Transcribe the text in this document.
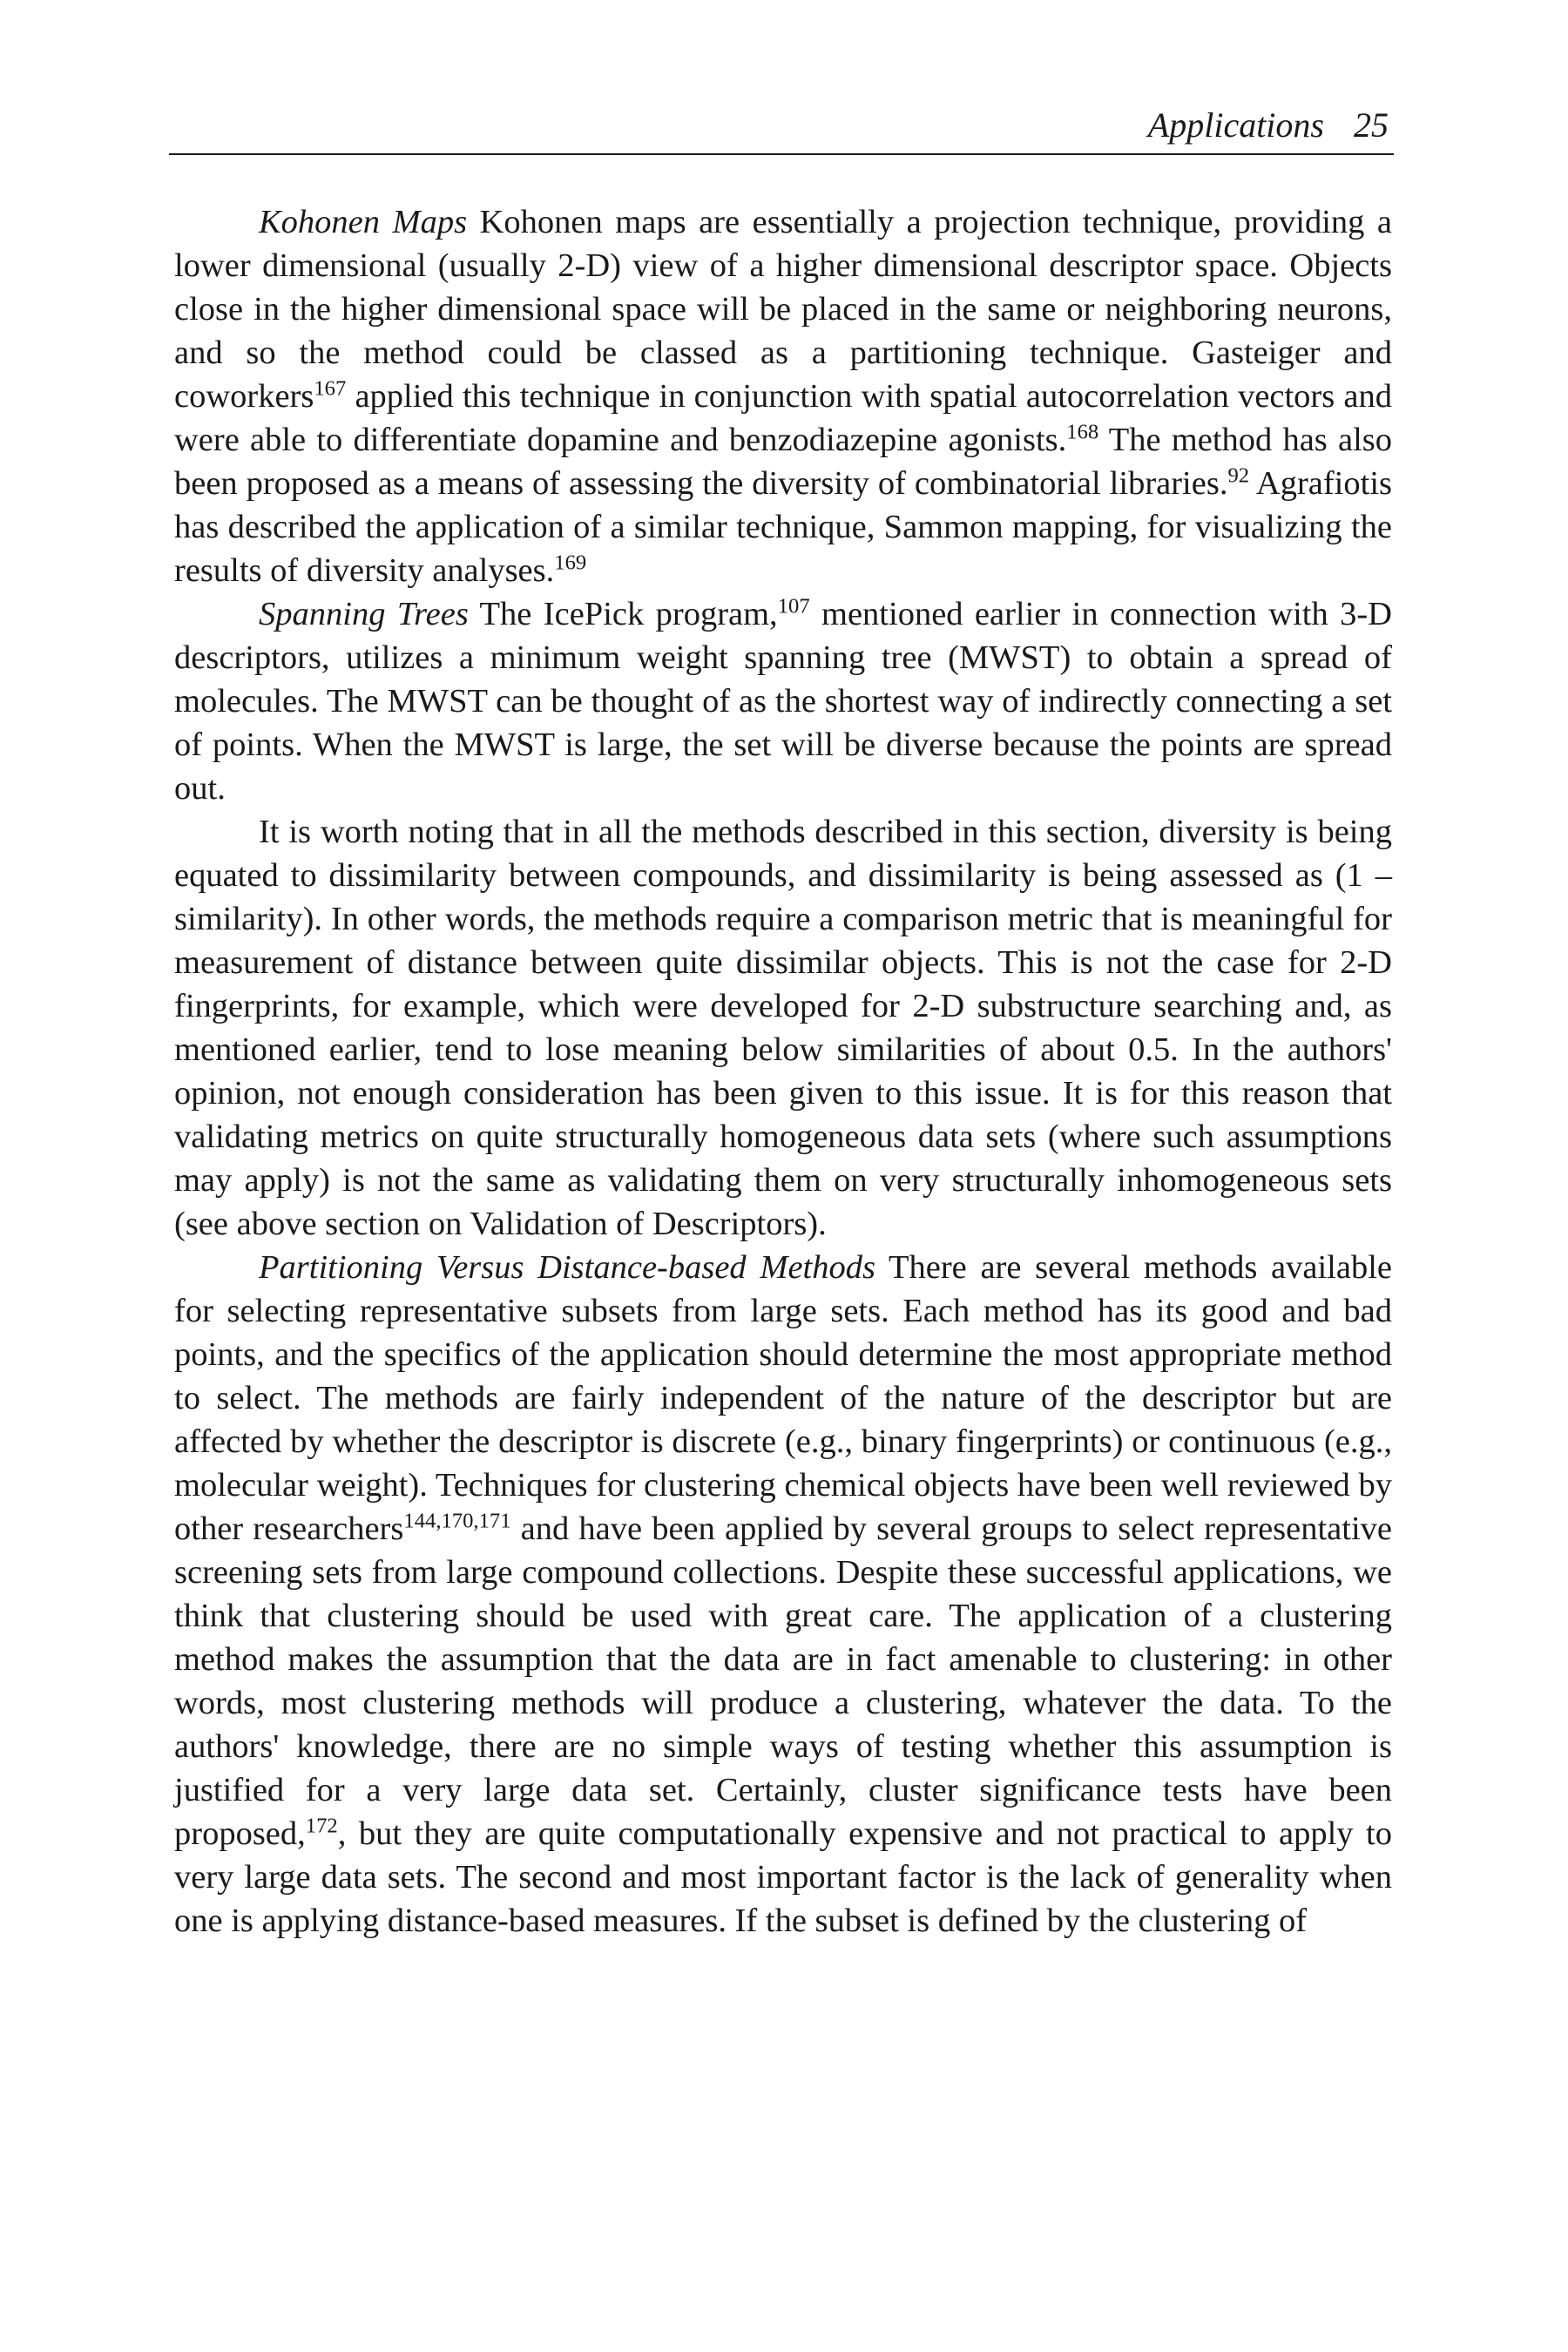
Applications 25

Kohonen Maps Kohonen maps are essentially a projection technique, providing a lower dimensional (usually 2-D) view of a higher dimensional descriptor space. Objects close in the higher dimensional space will be placed in the same or neighboring neurons, and so the method could be classed as a partitioning technique. Gasteiger and coworkers$^{167}$ applied this technique in conjunction with spatial autocorrelation vectors and were able to differentiate dopamine and benzodiazepine agonists.$^{168}$ The method has also been proposed as a means of assessing the diversity of combinatorial libraries.$^{92}$ Agrafiotis has described the application of a similar technique, Sammon mapping, for visualizing the results of diversity analyses.$^{169}$

Spanning Trees The IcePick program,$^{107}$ mentioned earlier in connection with 3-D descriptors, utilizes a minimum weight spanning tree (MWST) to obtain a spread of molecules. The MWST can be thought of as the shortest way of indirectly connecting a set of points. When the MWST is large, the set will be diverse because the points are spread out.

It is worth noting that in all the methods described in this section, diversity is being equated to dissimilarity between compounds, and dissimilarity is being assessed as (1 – similarity). In other words, the methods require a comparison metric that is meaningful for measurement of distance between quite dissimilar objects. This is not the case for 2-D fingerprints, for example, which were developed for 2-D substructure searching and, as mentioned earlier, tend to lose meaning below similarities of about 0.5. In the authors' opinion, not enough consideration has been given to this issue. It is for this reason that validating metrics on quite structurally homogeneous data sets (where such assumptions may apply) is not the same as validating them on very structurally inhomogeneous sets (see above section on Validation of Descriptors).

Partitioning Versus Distance-based Methods There are several methods available for selecting representative subsets from large sets. Each method has its good and bad points, and the specifics of the application should determine the most appropriate method to select. The methods are fairly independent of the nature of the descriptor but are affected by whether the descriptor is discrete (e.g., binary fingerprints) or continuous (e.g., molecular weight). Techniques for clustering chemical objects have been well reviewed by other researchers$^{144,170,171}$ and have been applied by several groups to select representative screening sets from large compound collections. Despite these successful applications, we think that clustering should be used with great care. The application of a clustering method makes the assumption that the data are in fact amenable to clustering: in other words, most clustering methods will produce a clustering, whatever the data. To the authors' knowledge, there are no simple ways of testing whether this assumption is justified for a very large data set. Certainly, cluster significance tests have been proposed,$^{172}$, but they are quite computationally expensive and not practical to apply to very large data sets. The second and most important factor is the lack of generality when one is applying distance-based measures. If the subset is defined by the clustering of
